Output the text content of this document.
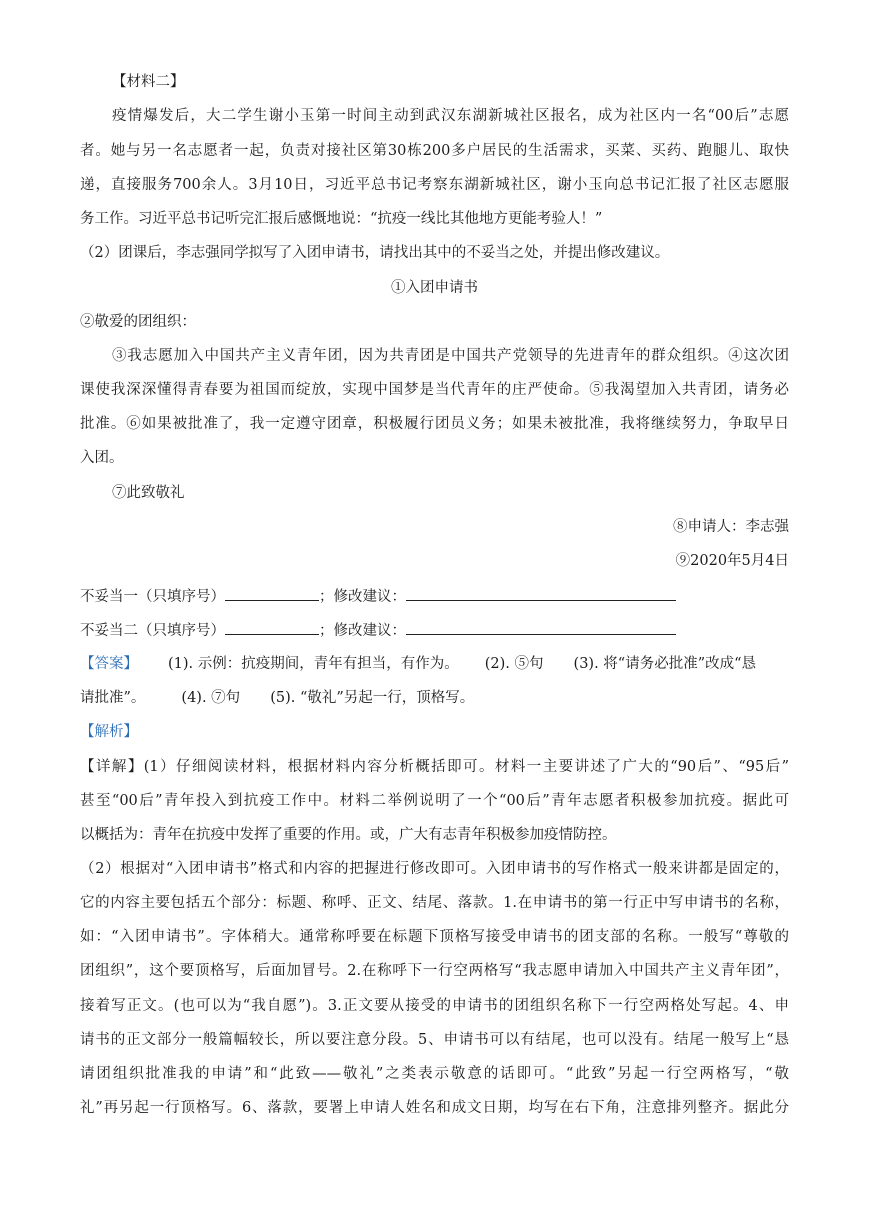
【材料二】
疫情爆发后，大二学生谢小玉第一时间主动到武汉东湖新城社区报名，成为社区内一名“00后”志愿
者。她与另一名志愿者一起，负责对接社区第30栋200多户居民的生活需求，买菜、买药、跑腿儿、取快
递，直接服务700余人。3月10日，习近平总书记考察东湖新城社区，谢小玉向总书记汇报了社区志愿服
务工作。习近平总书记听完汇报后感慨地说：“抗疫一线比其他地方更能考验人！”
（2）团课后，李志强同学拟写了入团申请书，请找出其中的不妥当之处，并提出修改建议。
①入团申请书
②敬爱的团组织：
③我志愿加入中国共产主义青年团，因为共青团是中国共产党领导的先进青年的群众组织。④这次团
课使我深深懂得青春要为祖国而绽放，实现中国梦是当代青年的庄严使命。⑤我渴望加入共青团，请务必
批准。⑥如果被批准了，我一定遵守团章，积极履行团员义务；如果未被批准，我将继续努力，争取早日
入团。
⑦此致敬礼
⑧申请人：李志强
⑨2020年5月4日
不妥当一（只填序号）	；修改建议：
不妥当二（只填序号）	；修改建议：
【答案】 (1). 示例：抗疫期间，青年有担当，有作为。 (2). ⑤句 (3). 将“请务必批准”改成“恳
请批准”。 (4). ⑦句 (5). “敬礼”另起一行，顶格写。
【解析】
【详解】(1）仔细阅读材料，根据材料内容分析概括即可。材料一主要讲述了广大的“90后”、“95后”
甚至“00后”青年投入到抗疫工作中。材料二举例说明了一个“00后”青年志愿者积极参加抗疫。据此可
以概括为：青年在抗疫中发挥了重要的作用。或，广大有志青年积极参加疫情防控。
（2）根据对“入团申请书”格式和内容的把握进行修改即可。入团申请书的写作格式一般来讲都是固定的，
它的内容主要包括五个部分：标题、称呼、正文、结尾、落款。1.在申请书的第一行正中写申请书的名称，
如：“入团申请书”。字体稍大。通常称呼要在标题下顶格写接受申请书的团支部的名称。一般写“尊敬的
团组织”，这个要顶格写，后面加冒号。2.在称呼下一行空两格写“我志愿申请加入中国共产主义青年团”，
接着写正文。(也可以为“我自愿”)。3.正文要从接受的申请书的团组织名称下一行空两格处写起。4、申
请书的正文部分一般篇幅较长，所以要注意分段。5、申请书可以有结尾，也可以没有。结尾一般写上“恳
请团组织批准我的申请”和“此致——敬礼”之类表示敬意的话即可。“此致”另起一行空两格写，“敬
礼”再另起一行顶格写。6、落款，要署上申请人姓名和成文日期，均写在右下角，注意排列整齐。据此分
